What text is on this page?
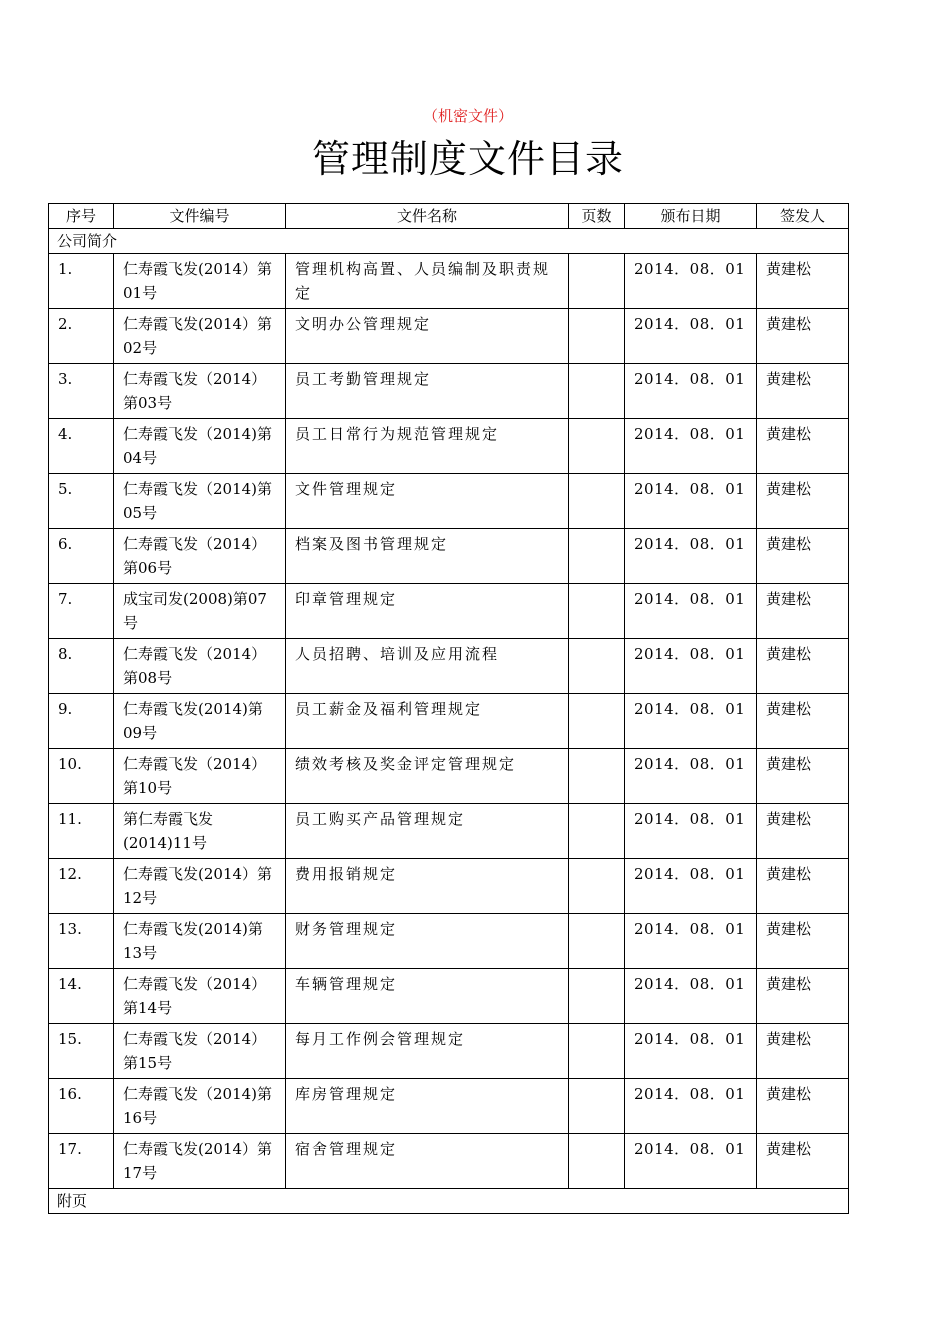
（机密文件）
管理制度文件目录
序号	文件编号	文件名称	页数	颁布日期	签发人
公司简介					
1.	仁寿霞飞发(2014）第01号	管理机构高置、人员编制及职责规定		2014．08．01	黄建松
2.	仁寿霞飞发(2014）第02号	文明办公管理规定		2014．08．01	黄建松
3.	仁寿霞飞发（2014）第03号	员工考勤管理规定		2014．08．01	黄建松
4.	仁寿霞飞发（2014)第04号	员工日常行为规范管理规定		2014．08．01	黄建松
5.	仁寿霞飞发（2014)第05号	文件管理规定		2014．08．01	黄建松
6.	仁寿霞飞发（2014）第06号	档案及图书管理规定		2014．08．01	黄建松
7.	成宝司发(2008)第07号	印章管理规定		2014．08．01	黄建松
8.	仁寿霞飞发（2014）第08号	人员招聘、培训及应用流程		2014．08．01	黄建松
9.	仁寿霞飞发(2014)第09号	员工薪金及福利管理规定		2014．08．01	黄建松
10.	仁寿霞飞发（2014）第10号	绩效考核及奖金评定管理规定		2014．08．01	黄建松
11.	第仁寿霞飞发(2014)11号	员工购买产品管理规定		2014．08．01	黄建松
12.	仁寿霞飞发(2014）第12号	费用报销规定		2014．08．01	黄建松
13.	仁寿霞飞发(2014)第13号	财务管理规定		2014．08．01	黄建松
14.	仁寿霞飞发（2014）第14号	车辆管理规定		2014．08．01	黄建松
15.	仁寿霞飞发（2014）第15号	每月工作例会管理规定		2014．08．01	黄建松
16.	仁寿霞飞发（2014)第16号	库房管理规定		2014．08．01	黄建松
17.	仁寿霞飞发(2014）第17号	宿舍管理规定		2014．08．01	黄建松
附页					
